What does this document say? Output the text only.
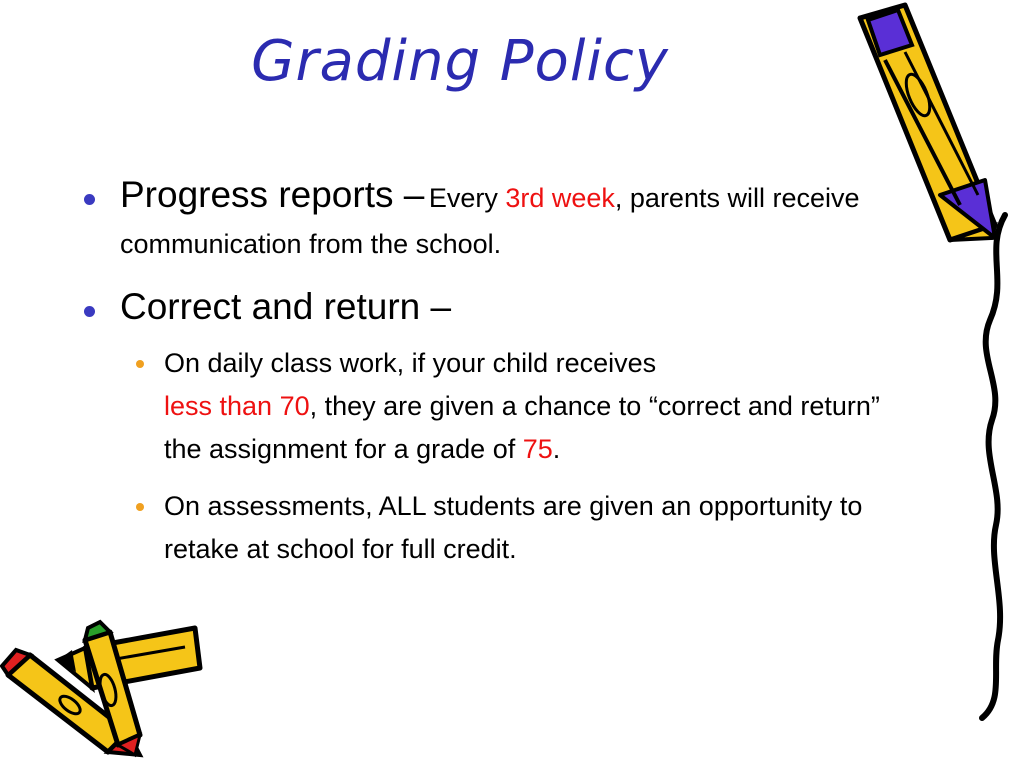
Grading Policy
Progress reports – Every 3rd week, parents will receive communication from the school.
Correct and return –
On daily class work, if your child receives
less than 70, they are given a chance to “correct and return” the assignment for a grade of 75.
On assessments, ALL students are given an opportunity to retake at school for full credit.
